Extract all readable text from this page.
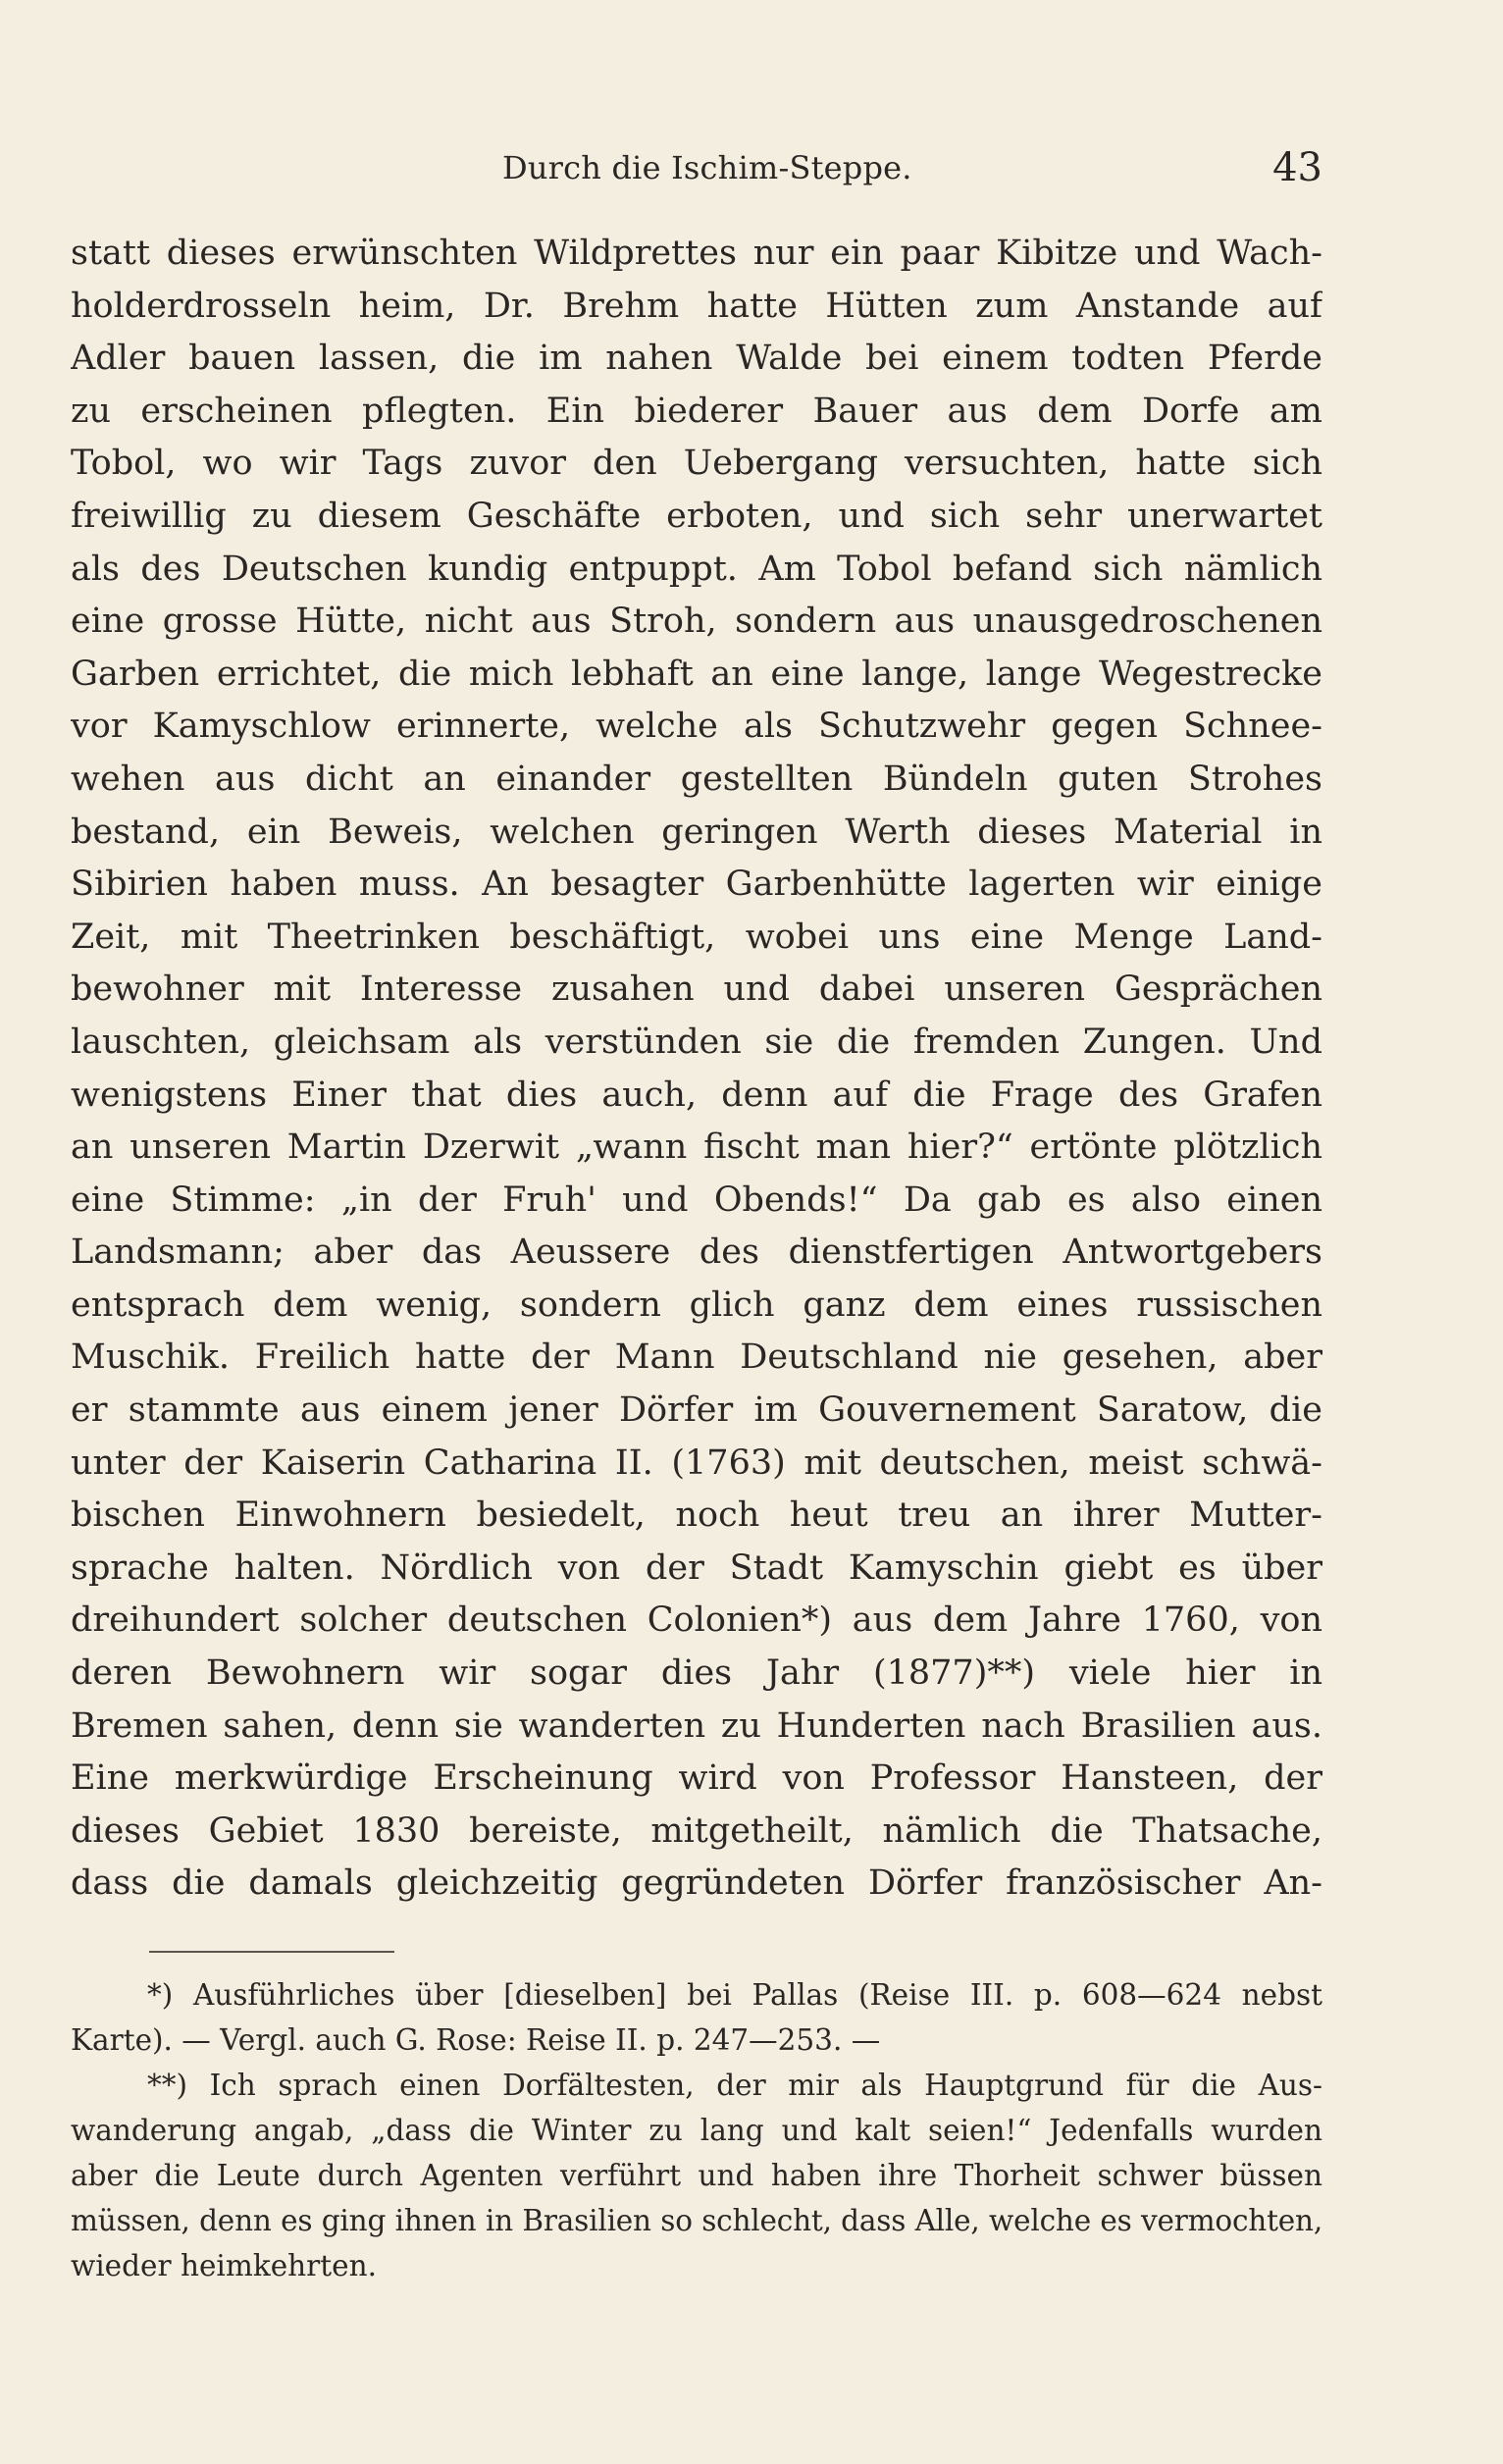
Durch die Ischim-Steppe.	43
statt dieses erwünschten Wildprettes nur ein paar Kibitze und Wach-
holderdrosseln heim, Dr. Brehm hatte Hütten zum Anstande auf
Adler bauen lassen, die im nahen Walde bei einem todten Pferde
zu erscheinen pflegten. Ein biederer Bauer aus dem Dorfe am
Tobol, wo wir Tags zuvor den Uebergang versuchten, hatte sich
freiwillig zu diesem Geschäfte erboten, und sich sehr unerwartet
als des Deutschen kundig entpuppt. Am Tobol befand sich nämlich
eine grosse Hütte, nicht aus Stroh, sondern aus unausgedroschenen
Garben errichtet, die mich lebhaft an eine lange, lange Wegestrecke
vor Kamyschlow erinnerte, welche als Schutzwehr gegen Schnee-
wehen aus dicht an einander gestellten Bündeln guten Strohes
bestand, ein Beweis, welchen geringen Werth dieses Material in
Sibirien haben muss. An besagter Garbenhütte lagerten wir einige
Zeit, mit Theetrinken beschäftigt, wobei uns eine Menge Land-
bewohner mit Interesse zusahen und dabei unseren Gesprächen
lauschten, gleichsam als verstünden sie die fremden Zungen. Und
wenigstens Einer that dies auch, denn auf die Frage des Grafen
an unseren Martin Dzerwit „wann fischt man hier?“ ertönte plötzlich
eine Stimme: „in der Fruh' und Obends!“ Da gab es also einen
Landsmann; aber das Aeussere des dienstfertigen Antwortgebers
entsprach dem wenig, sondern glich ganz dem eines russischen
Muschik. Freilich hatte der Mann Deutschland nie gesehen, aber
er stammte aus einem jener Dörfer im Gouvernement Saratow, die
unter der Kaiserin Catharina II. (1763) mit deutschen, meist schwä-
bischen Einwohnern besiedelt, noch heut treu an ihrer Mutter-
sprache halten. Nördlich von der Stadt Kamyschin giebt es über
dreihundert solcher deutschen Colonien*) aus dem Jahre 1760, von
deren Bewohnern wir sogar dies Jahr (1877)**) viele hier in
Bremen sahen, denn sie wanderten zu Hunderten nach Brasilien aus.
Eine merkwürdige Erscheinung wird von Professor Hansteen, der
dieses Gebiet 1830 bereiste, mitgetheilt, nämlich die Thatsache,
dass die damals gleichzeitig gegründeten Dörfer französischer An-
*) Ausführliches über [dieselben] bei Pallas (Reise III. p. 608—624 nebst
Karte). — Vergl. auch G. Rose: Reise II. p. 247—253. —
**) Ich sprach einen Dorfältesten, der mir als Hauptgrund für die Aus-
wanderung angab, „dass die Winter zu lang und kalt seien!“ Jedenfalls wurden
aber die Leute durch Agenten verführt und haben ihre Thorheit schwer büssen
müssen, denn es ging ihnen in Brasilien so schlecht, dass Alle, welche es vermochten,
wieder heimkehrten.
